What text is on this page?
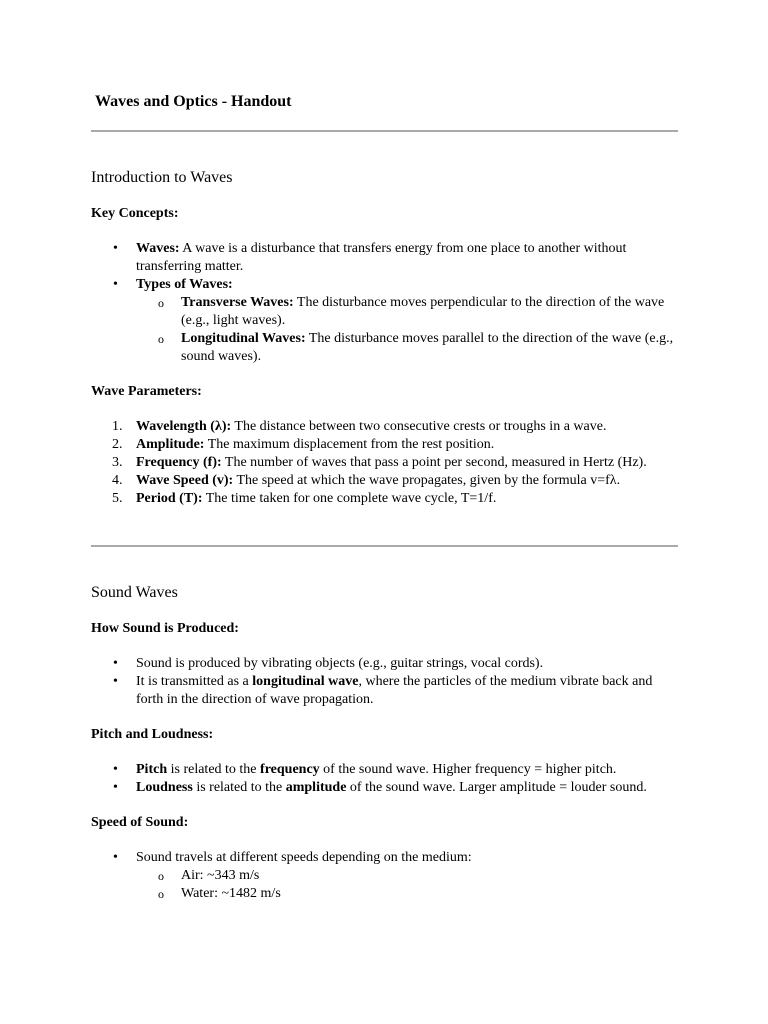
Waves and Optics - Handout
Introduction to Waves
Key Concepts:
• Waves: A wave is a disturbance that transfers energy from one place to another without transferring matter.
• Types of Waves:
o Transverse Waves: The disturbance moves perpendicular to the direction of the wave (e.g., light waves).
o Longitudinal Waves: The disturbance moves parallel to the direction of the wave (e.g., sound waves).
Wave Parameters:
Wavelength (λ): The distance between two consecutive crests or troughs in a wave.
Amplitude: The maximum displacement from the rest position.
Frequency (f): The number of waves that pass a point per second, measured in Hertz (Hz).
Wave Speed (v): The speed at which the wave propagates, given by the formula v=fλ.
Period (T): The time taken for one complete wave cycle, T=1/f.
Sound Waves
How Sound is Produced:
• Sound is produced by vibrating objects (e.g., guitar strings, vocal cords).
• It is transmitted as a longitudinal wave, where the particles of the medium vibrate back and forth in the direction of wave propagation.
Pitch and Loudness:
• Pitch is related to the frequency of the sound wave. Higher frequency = higher pitch.
• Loudness is related to the amplitude of the sound wave. Larger amplitude = louder sound.
Speed of Sound:
• Sound travels at different speeds depending on the medium:
o Air: ~343 m/s
o Water: ~1482 m/s
